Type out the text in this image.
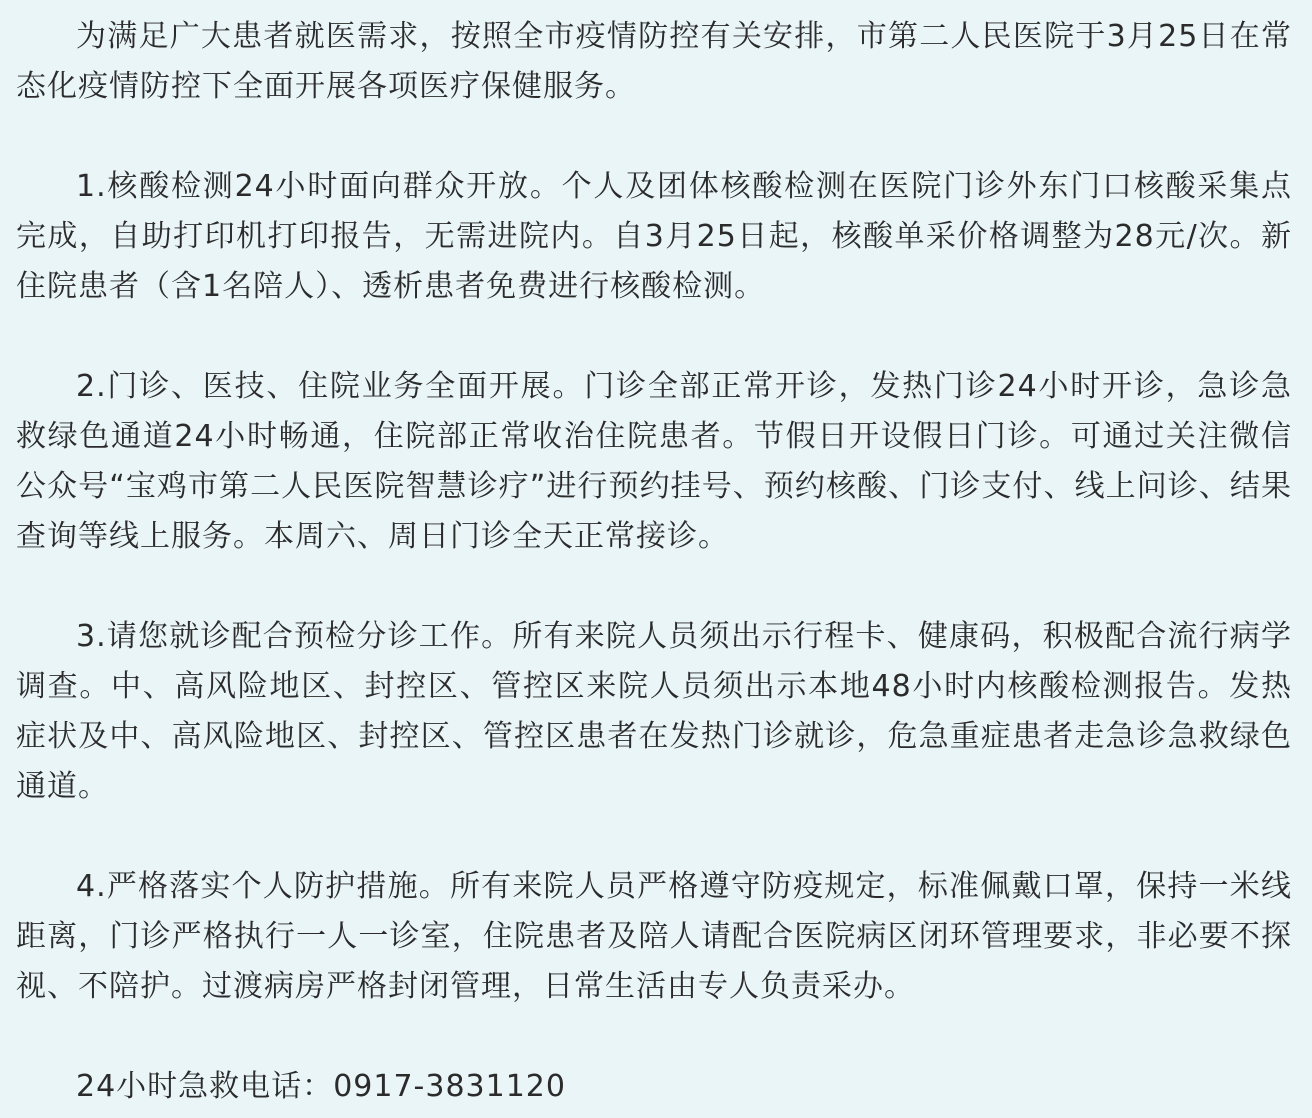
为满足广大患者就医需求，按照全市疫情防控有关安排，市第二人民医院于3月25日在常态化疫情防控下全面开展各项医疗保健服务。

1.核酸检测24小时面向群众开放。个人及团体核酸检测在医院门诊外东门口核酸采集点完成，自助打印机打印报告，无需进院内。自3月25日起，核酸单采价格调整为28元/次。新住院患者（含1名陪人）、透析患者免费进行核酸检测。

2.门诊、医技、住院业务全面开展。门诊全部正常开诊，发热门诊24小时开诊，急诊急救绿色通道24小时畅通，住院部正常收治住院患者。节假日开设假日门诊。可通过关注微信公众号“宝鸡市第二人民医院智慧诊疗”进行预约挂号、预约核酸、门诊支付、线上问诊、结果查询等线上服务。本周六、周日门诊全天正常接诊。

3.请您就诊配合预检分诊工作。所有来院人员须出示行程卡、健康码，积极配合流行病学调查。中、高风险地区、封控区、管控区来院人员须出示本地48小时内核酸检测报告。发热症状及中、高风险地区、封控区、管控区患者在发热门诊就诊，危急重症患者走急诊急救绿色通道。

4.严格落实个人防护措施。所有来院人员严格遵守防疫规定，标准佩戴口罩，保持一米线距离，门诊严格执行一人一诊室，住院患者及陪人请配合医院病区闭环管理要求，非必要不探视、不陪护。过渡病房严格封闭管理，日常生活由专人负责采办。

24小时急救电话：0917-3831120
